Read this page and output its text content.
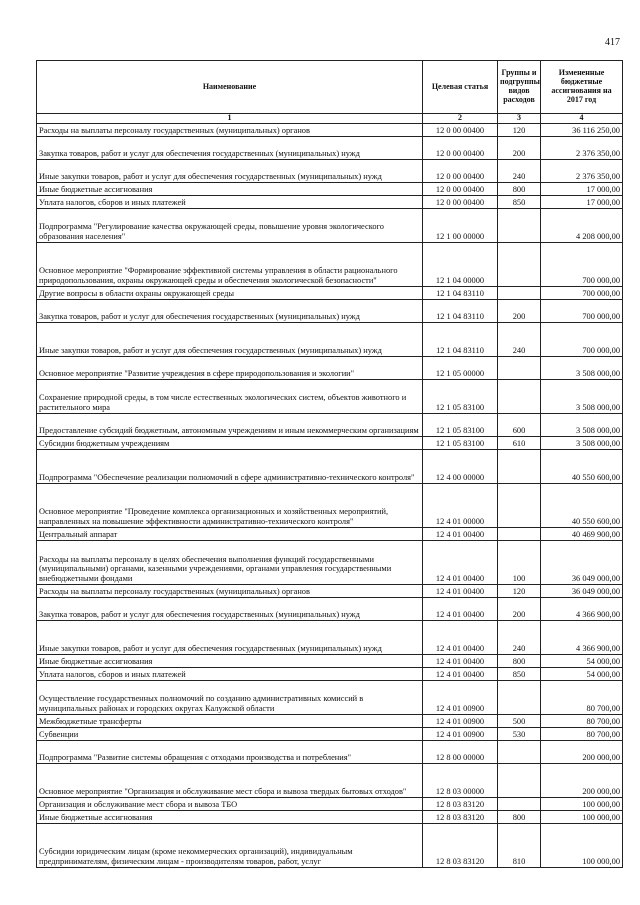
417
Наименование	Целевая статья	Группы и подгруппы видов расходов	Измененные бюджетные ассигнования на 2017 год
1	2	3	4
Расходы на выплаты персоналу государственных (муниципальных) органов	12 0 00 00400	120	36 116 250,00
Закупка товаров, работ и услуг для обеспечения государственных (муниципальных) нужд	12 0 00 00400	200	2 376 350,00
Иные закупки товаров, работ и услуг для обеспечения государственных (муниципальных) нужд	12 0 00 00400	240	2 376 350,00
Иные бюджетные ассигнования	12 0 00 00400	800	17 000,00
Уплата налогов, сборов и иных платежей	12 0 00 00400	850	17 000,00
Подпрограмма "Регулирование качества окружающей среды, повышение уровня экологического образования населения"	12 1 00 00000		4 208 000,00
Основное мероприятие "Формирование эффективной системы управления в области рационального природопользования, охраны окружающей среды и обеспечения экологической безопасности"	12 1 04 00000		700 000,00
Другие вопросы в области охраны окружающей среды	12 1 04 83110		700 000,00
Закупка товаров, работ и услуг для обеспечения государственных (муниципальных) нужд	12 1 04 83110	200	700 000,00
Иные закупки товаров, работ и услуг для обеспечения государственных (муниципальных) нужд	12 1 04 83110	240	700 000,00
Основное мероприятие "Развитие учреждения в сфере природопользования и экологии"	12 1 05 00000		3 508 000,00
Сохранение природной среды, в том числе естественных экологических систем, объектов животного и растительного мира	12 1 05 83100		3 508 000,00
Предоставление субсидий бюджетным, автономным учреждениям и иным некоммерческим организациям	12 1 05 83100	600	3 508 000,00
Субсидии бюджетным учреждениям	12 1 05 83100	610	3 508 000,00
Подпрограмма "Обеспечение реализации полномочий в сфере административно-технического контроля"	12 4 00 00000		40 550 600,00
Основное мероприятие "Проведение комплекса организационных и хозяйственных мероприятий, направленных на повышение эффективности административно-технического контроля"	12 4 01 00000		40 550 600,00
Центральный аппарат	12 4 01 00400		40 469 900,00
Расходы на выплаты персоналу в целях обеспечения выполнения функций государственными (муниципальными) органами, казенными учреждениями, органами управления государственными внебюджетными фондами	12 4 01 00400	100	36 049 000,00
Расходы на выплаты персоналу государственных (муниципальных) органов	12 4 01 00400	120	36 049 000,00
Закупка товаров, работ и услуг для обеспечения государственных (муниципальных) нужд	12 4 01 00400	200	4 366 900,00
Иные закупки товаров, работ и услуг для обеспечения государственных (муниципальных) нужд	12 4 01 00400	240	4 366 900,00
Иные бюджетные ассигнования	12 4 01 00400	800	54 000,00
Уплата налогов, сборов и иных платежей	12 4 01 00400	850	54 000,00
Осуществление государственных полномочий по созданию административных комиссий в муниципальных районах и городских округах Калужской области	12 4 01 00900		80 700,00
Межбюджетные трансферты	12 4 01 00900	500	80 700,00
Субвенции	12 4 01 00900	530	80 700,00
Подпрограмма "Развитие системы обращения с отходами производства и потребления"	12 8 00 00000		200 000,00
Основное мероприятие "Организация и обслуживание мест сбора и вывоза твердых бытовых отходов"	12 8 03 00000		200 000,00
Организация и обслуживание мест сбора и вывоза ТБО	12 8 03 83120		100 000,00
Иные бюджетные ассигнования	12 8 03 83120	800	100 000,00
Субсидии юридическим лицам (кроме некоммерческих организаций), индивидуальным предпринимателям, физическим лицам - производителям товаров, работ, услуг	12 8 03 83120	810	100 000,00
